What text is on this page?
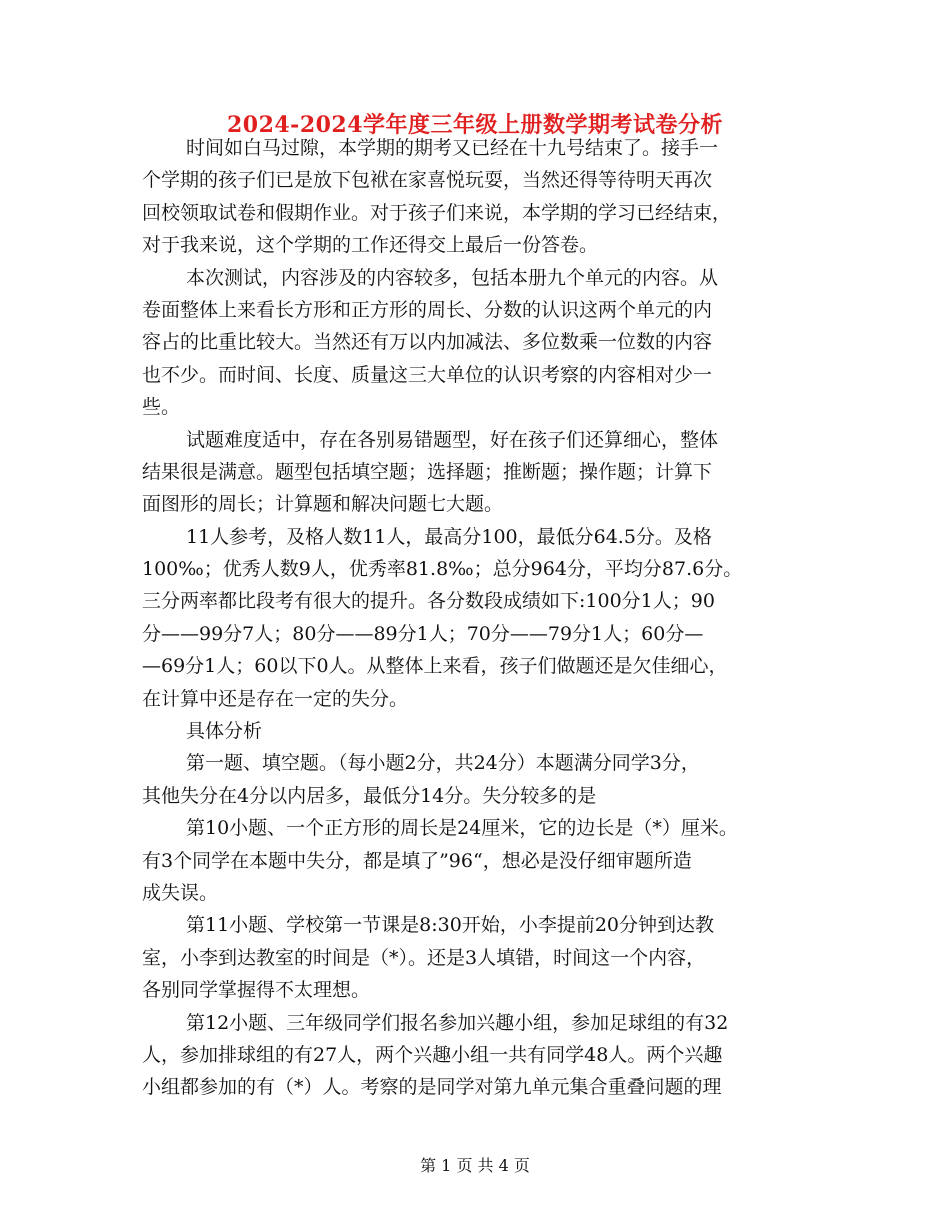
2024-2024学年度三年级上册数学期考试卷分析
时间如白马过隙，本学期的期考又已经在十九号结束了。接手一
个学期的孩子们已是放下包袱在家喜悦玩耍，当然还得等待明天再次
回校领取试卷和假期作业。对于孩子们来说，本学期的学习已经结束，
对于我来说，这个学期的工作还得交上最后一份答卷。
本次测试，内容涉及的内容较多，包括本册九个单元的内容。从
卷面整体上来看长方形和正方形的周长、分数的认识这两个单元的内
容占的比重比较大。当然还有万以内加减法、多位数乘一位数的内容
也不少。而时间、长度、质量这三大单位的认识考察的内容相对少一
些。
试题难度适中，存在各别易错题型，好在孩子们还算细心，整体
结果很是满意。题型包括填空题；选择题；推断题；操作题；计算下
面图形的周长；计算题和解决问题七大题。
11人参考，及格人数11人，最高分100，最低分64.5分。及格
100‰；优秀人数9人，优秀率81.8‰；总分964分，平均分87.6分。
三分两率都比段考有很大的提升。各分数段成绩如下:100分1人；90
分——99分7人；80分——89分1人；70分——79分1人；60分—
—69分1人；60以下0人。从整体上来看，孩子们做题还是欠佳细心，
在计算中还是存在一定的失分。
具体分析
第一题、填空题。（每小题2分，共24分）本题满分同学3分，
其他失分在4分以内居多，最低分14分。失分较多的是
第10小题、一个正方形的周长是24厘米，它的边长是（*）厘米。
有3个同学在本题中失分，都是填了”96“，想必是没仔细审题所造
成失误。
第11小题、学校第一节课是8:30开始，小李提前20分钟到达教
室，小李到达教室的时间是（*）。还是3人填错，时间这一个内容，
各别同学掌握得不太理想。
第12小题、三年级同学们报名参加兴趣小组，参加足球组的有32
人，参加排球组的有27人，两个兴趣小组一共有同学48人。两个兴趣
小组都参加的有（*）人。考察的是同学对第九单元集合重叠问题的理
第 1 页 共 4 页
